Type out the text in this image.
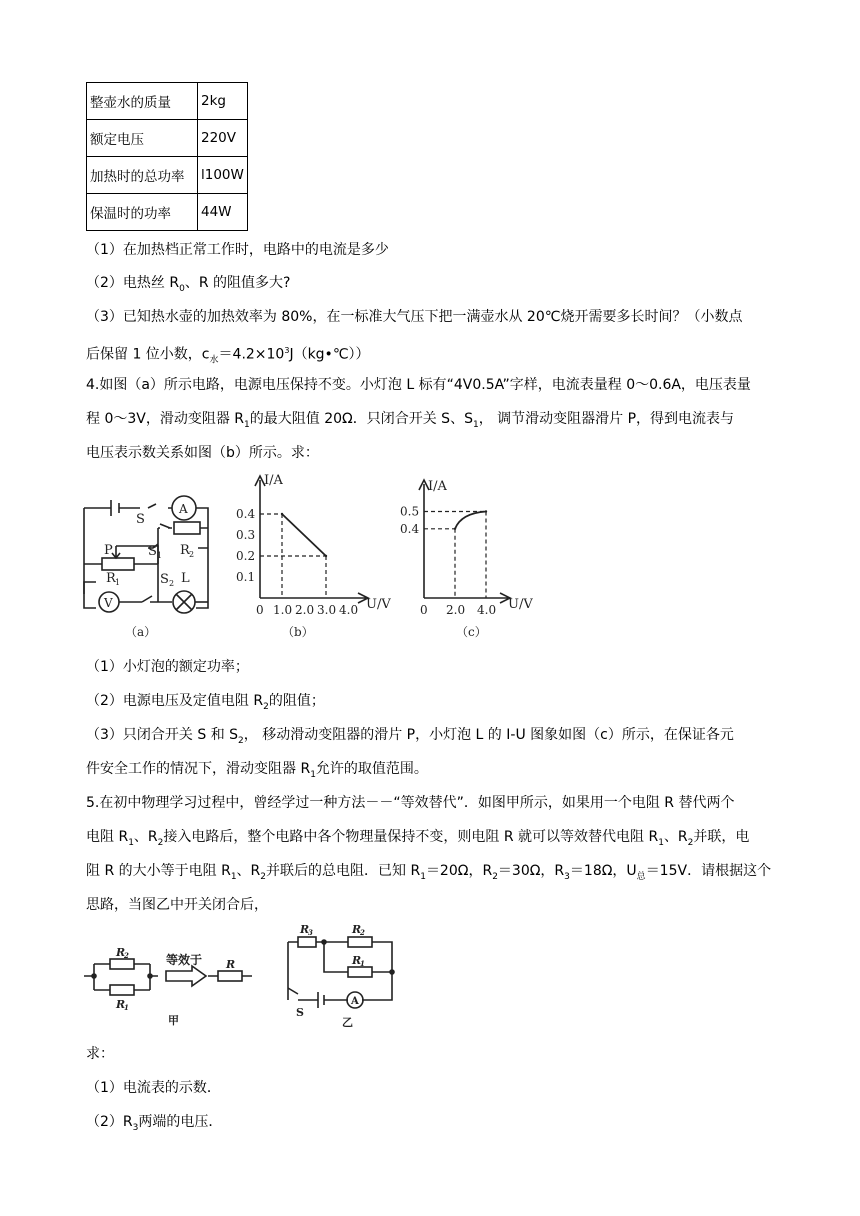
整壶水的质量	2kg
额定电压	220V
加热时的总功率	l100W
保温时的功率	44W
（1）在加热档正常工作时，电路中的电流是多少
（2）电热丝 $R_0$、R 的阻值多大?
（3）已知热水壶的加热效率为 80%，在一标准大气压下把一满壶水从 20℃烧开需要多长时间？（小数点
后保留 1 位小数，$c_水=4.2\times 10^3J(kg•℃)$）
4.如图（a）所示电路，电源电压保持不变。小灯泡 L 标有“4V0.5A”字样，电流表量程 0～0.6A，电压表量
程 0～3V，滑动变阻器 $R_1$的最大阻值 20Ω．只闭合开关 S、$S_1$， 调节滑动变阻器滑片 P，得到电流表与
电压表示数关系如图（b）所示。求：
S
A
P	S 1 R 2
R 1	S 2 L
V
（a）
0.1
0.2
0.3
0.4
0 1.0 2.0 3.0 4.0
I/A
U/V
（b）
0.4
0.5
0 2.0 4.0
I/A
U/V
（c）
（1）小灯泡的额定功率；
（2）电源电压及定值电阻 $R_2$的阻值；
（3）只闭合开关 S 和 $S_2$， 移动滑动变阻器的滑片 P，小灯泡 L 的 I-U 图象如图（c）所示，在保证各元
件安全工作的情况下，滑动变阻器 $R_1$允许的取值范围。
5.在初中物理学习过程中，曾经学过一种方法－－“等效替代”．如图甲所示，如果用一个电阻 R 替代两个
电阻 $R_1$、$R_2$接入电路后，整个电路中各个物理量保持不变，则电阻 R 就可以等效替代电阻 $R_1$、$R_2$并联，电
阻 R 的大小等于电阻 $R_1$、$R_2$并联后的总电阻．已知 $R_1=20\Omega$，$R_2=30\Omega$，$R_3=18\Omega$，$U_总=15V$．请根据这个
思路，当图乙中开关闭合后，
R
2
R
1
等效于 R
甲
R
3	R
2
R
1
S
A
乙
求：
（1）电流表的示数．
$(2)R_3$两端的电压．
